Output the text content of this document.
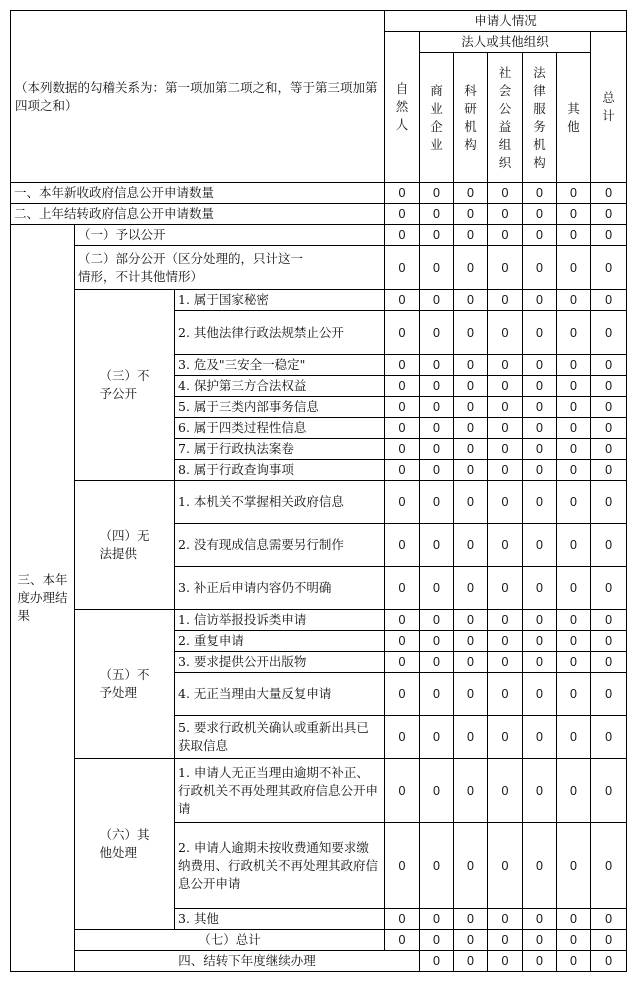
（本列数据的勾稽关系为：第一项加第二项之和，等于第三项加第四项之和）			申请人情况							
			自然人	法人或其他组织					总计	
				商业企业	科研机构	社会公益组织	法律服务机构	其他		
一、本年新收政府信息公开申请数量			0	0	0	0	0	0	0	
二、上年结转政府信息公开申请数量			0	0	0	0	0	0	0	
三、本年度办理结果	（一）予以公开		0	0	0	0	0	0	0	

	（二）部分公开（区分处理的，只计这一情形，不计其他情形）		0	0	0	0	0	0	0	
	（三）不予公开	1. 属于国家秘密	0	0	0	0	0	0	0	
		2. 其他法律行政法规禁止公开	0	0	0	0	0	0	0	
		3. 危及"三安全一稳定"	0	0	0	0	0	0	0	
		4. 保护第三方合法权益	0	0	0	0	0	0	0	
		5. 属于三类内部事务信息	0	0	0	0	0	0	0	
		6. 属于四类过程性信息	0	0	0	0	0	0	0	
		7. 属于行政执法案卷	0	0	0	0	0	0	0	
		8. 属于行政查询事项	0	0	0	0	0	0	0	
	（四）无法提供	1. 本机关不掌握相关政府信息	0	0	0	0	0	0	0	
		2. 没有现成信息需要另行制作	0	0	0	0	0	0	0	
		3. 补正后申请内容仍不明确	0	0	0	0	0	0	0	
	（五）不予处理	1. 信访举报投诉类申请	0	0	0	0	0	0	0	
		2. 重复申请	0	0	0	0	0	0	0	
		3. 要求提供公开出版物	0	0	0	0	0	0	0	
		4. 无正当理由大量反复申请	0	0	0	0	0	0	0	
		5. 要求行政机关确认或重新出具已获取信息	0	0	0	0	0	0	0	
	（六）其他处理	1. 申请人无正当理由逾期不补正、行政机关不再处理其政府信息公开申请	0	0	0	0	0	0	0	
		2. 申请人逾期未按收费通知要求缴纳费用、行政机关不再处理其政府信息公开申请	0	0	0	0	0	0	0	
		3. 其他	0	0	0	0	0	0	0	
	（七）总计		0	0	0	0	0	0	0	
	四、结转下年度继续办理			0	0	0	0	0	0	
